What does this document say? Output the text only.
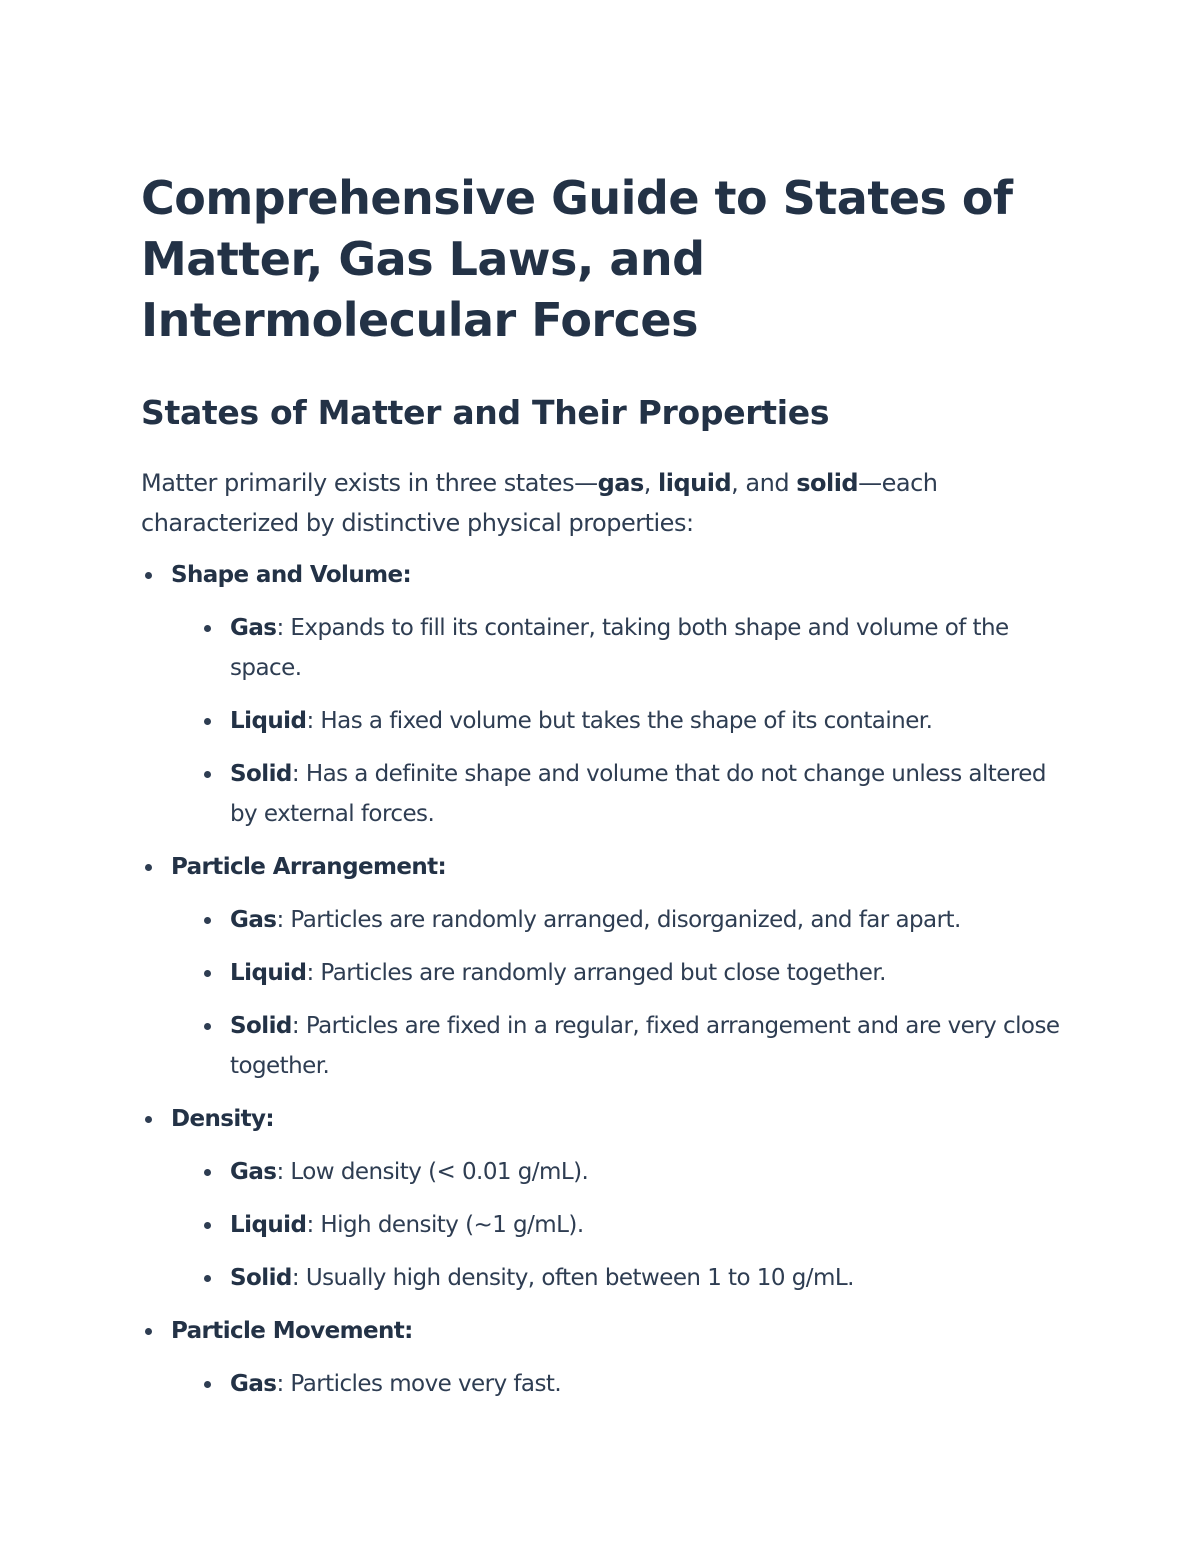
Comprehensive Guide to States of Matter, Gas Laws, and Intermolecular Forces
States of Matter and Their Properties

Matter primarily exists in three states—gas, liquid, and solid—each characterized by distinctive physical properties:

Shape and Volume:
Gas: Expands to fill its container, taking both shape and volume of the space.
Liquid: Has a fixed volume but takes the shape of its container.
Solid: Has a definite shape and volume that do not change unless altered by external forces.
Particle Arrangement:
Gas: Particles are randomly arranged, disorganized, and far apart.
Liquid: Particles are randomly arranged but close together.
Solid: Particles are fixed in a regular, fixed arrangement and are very close together.
Density:
Gas: Low density (< 0.01 g/mL).
Liquid: High density (~1 g/mL).
Solid: Usually high density, often between 1 to 10 g/mL.
Particle Movement:
Gas: Particles move very fast.
